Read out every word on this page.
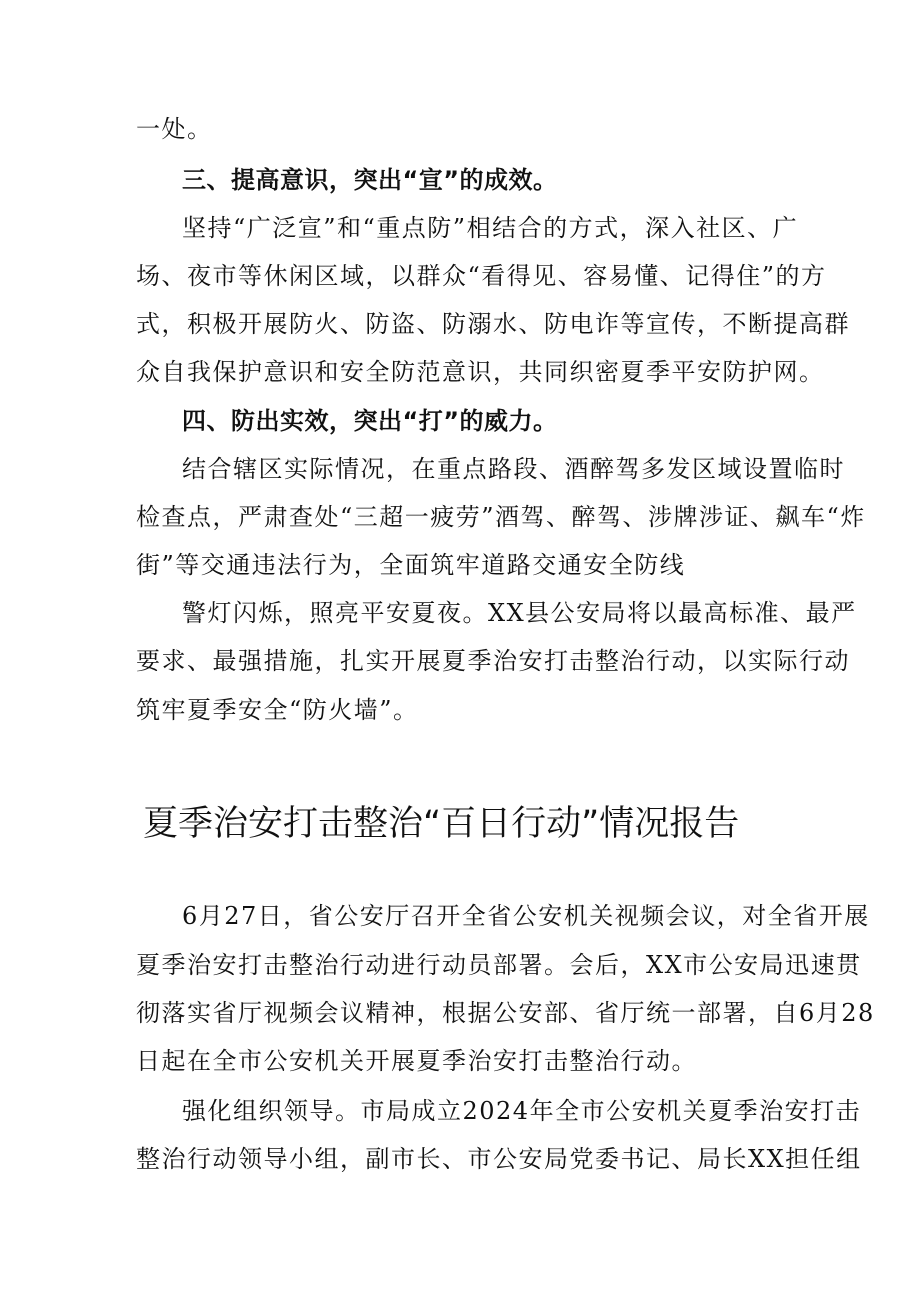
一处。
三、提高意识，突出“宣”的成效。
坚持“广泛宣”和“重点防”相结合的方式，深入社区、广
场、夜市等休闲区域，以群众“看得见、容易懂、记得住”的方
式，积极开展防火、防盗、防溺水、防电诈等宣传，不断提高群
众自我保护意识和安全防范意识，共同织密夏季平安防护网。
四、防出实效，突出“打”的威力。
结合辖区实际情况，在重点路段、酒醉驾多发区域设置临时
检查点，严肃查处“三超一疲劳”酒驾、醉驾、涉牌涉证、飙车“炸
街”等交通违法行为，全面筑牢道路交通安全防线
警灯闪烁，照亮平安夏夜。XX县公安局将以最高标准、最严
要求、最强措施，扎实开展夏季治安打击整治行动，以实际行动
筑牢夏季安全“防火墙”。
夏季治安打击整治“百日行动”情况报告
6月27日，省公安厅召开全省公安机关视频会议，对全省开展
夏季治安打击整治行动进行动员部署。会后，XX市公安局迅速贯
彻落实省厅视频会议精神，根据公安部、省厅统一部署，自6月28
日起在全市公安机关开展夏季治安打击整治行动。
强化组织领导。市局成立2024年全市公安机关夏季治安打击
整治行动领导小组，副市长、市公安局党委书记、局长XX担任组
